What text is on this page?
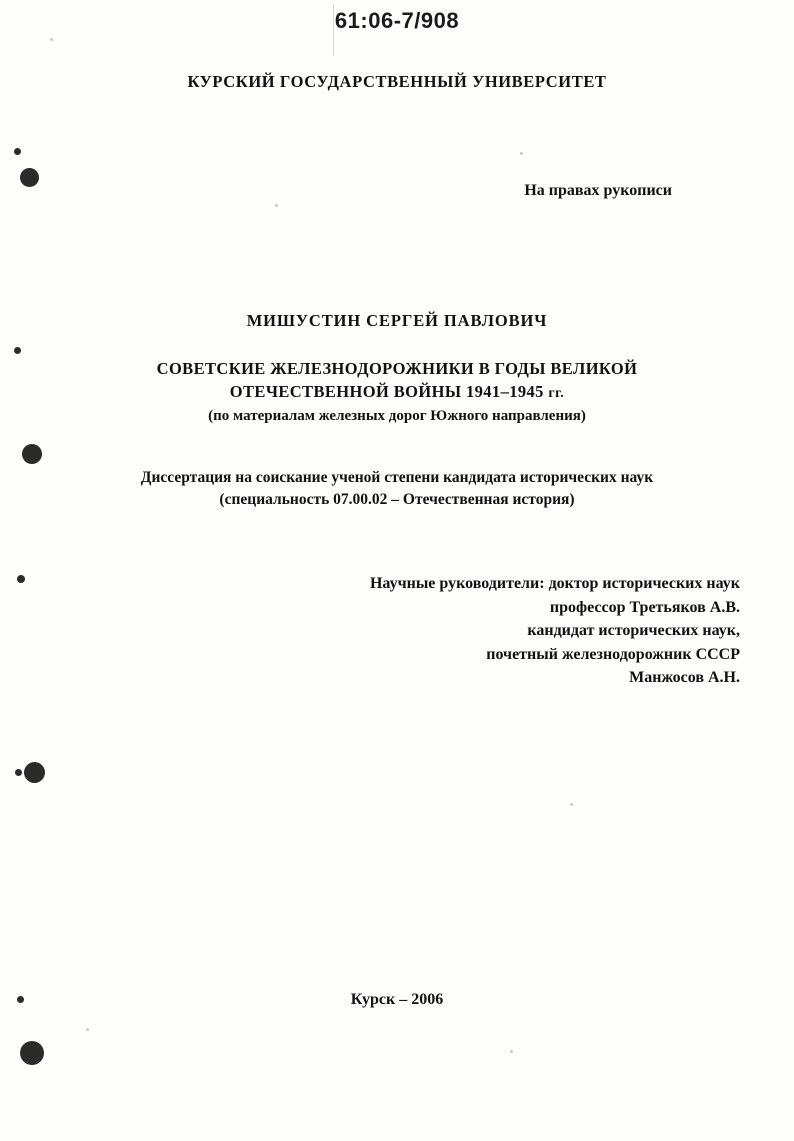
61:06-7/908
КУРСКИЙ ГОСУДАРСТВЕННЫЙ УНИВЕРСИТЕТ
На правах рукописи
МИШУСТИН СЕРГЕЙ ПАВЛОВИЧ
СОВЕТСКИЕ ЖЕЛЕЗНОДОРОЖНИКИ В ГОДЫ ВЕЛИКОЙ
ОТЕЧЕСТВЕННОЙ ВОЙНЫ 1941–1945 гг.
(по материалам железных дорог Южного направления)
Диссертация на соискание ученой степени кандидата исторических наук
(специальность 07.00.02 – Отечественная история)
Научные руководители: доктор исторических наук
профессор Третьяков А.В.
кандидат исторических наук,
почетный железнодорожник СССР
Манжосов А.Н.
Курск – 2006
